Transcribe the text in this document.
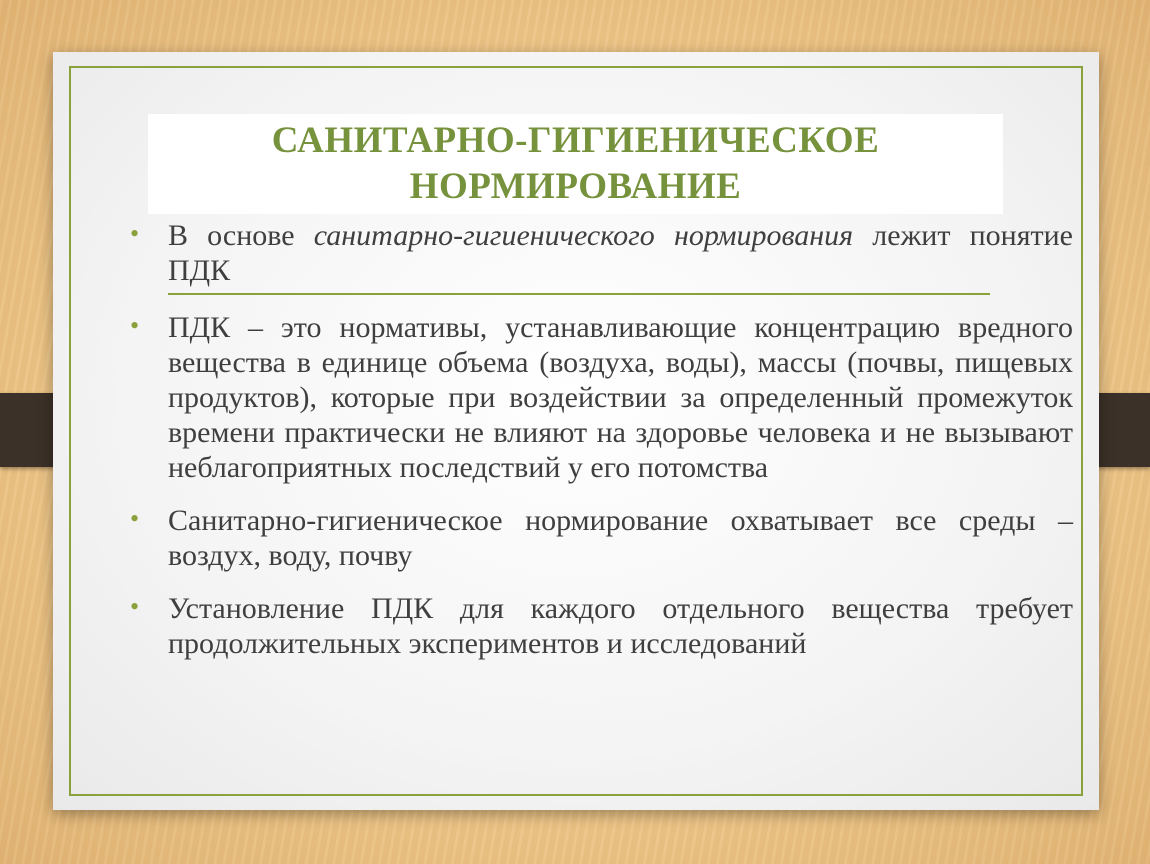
САНИТАРНО-ГИГИЕНИЧЕСКОЕ
НОРМИРОВАНИЕ
• В основе санитарно-гигиенического нормирования лежит понятие ПДК
• ПДК – это нормативы, устанавливающие концентрацию вредного вещества в единице объема (воздуха, воды), массы (почвы, пищевых продуктов), которые при воздействии за определенный промежуток времени практически не влияют на здоровье человека и не вызывают неблагоприятных последствий у его потомства
• Санитарно-гигиеническое нормирование охватывает все среды – воздух, воду, почву
• Установление ПДК для каждого отдельного вещества требует продолжительных экспериментов и исследований
